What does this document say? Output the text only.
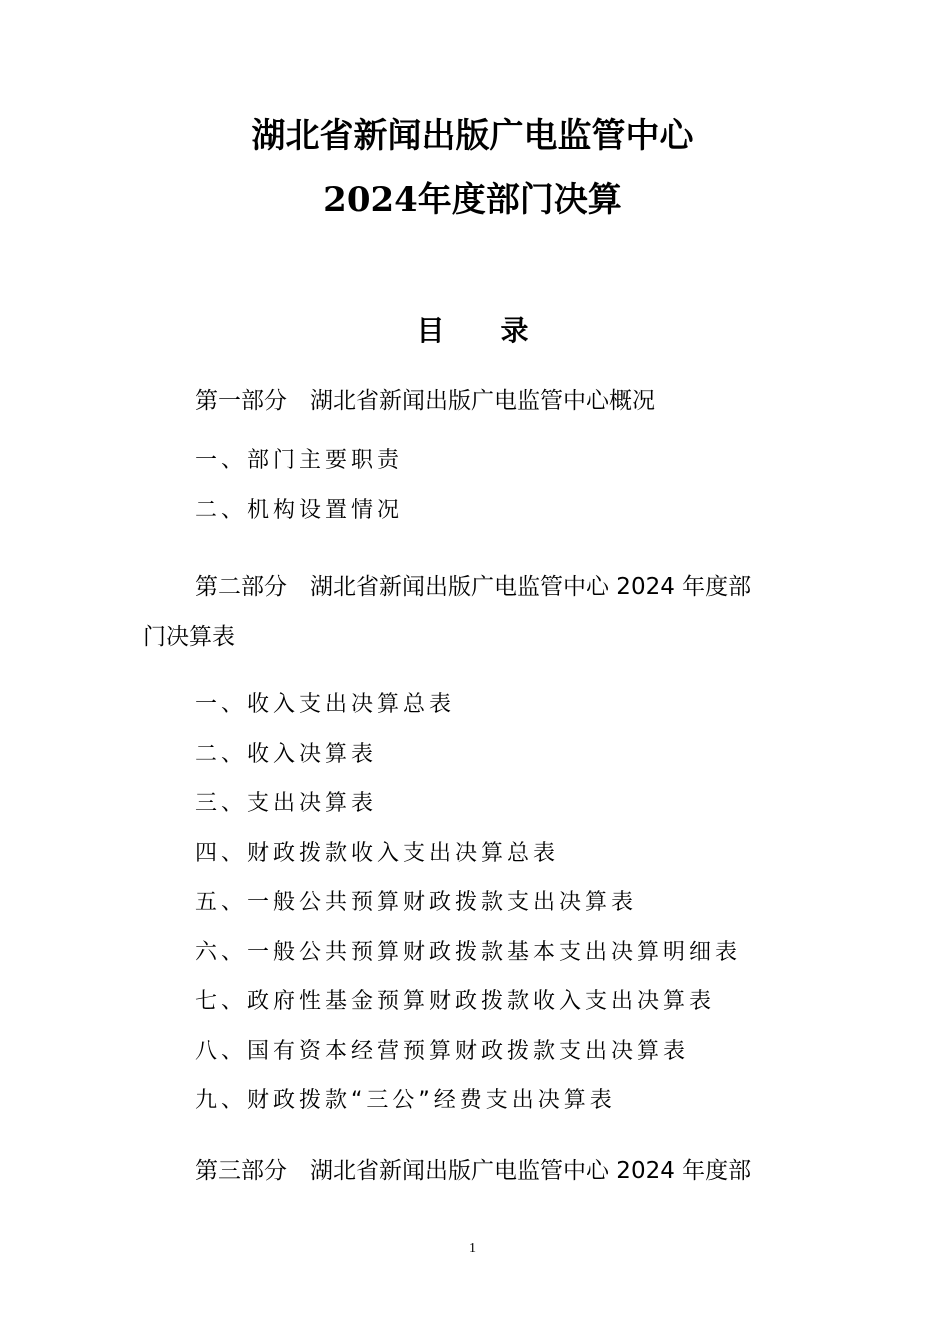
湖北省新闻出版广电监管中心
2024年度部门决算
目　　录
第一部分　湖北省新闻出版广电监管中心概况
一、部门主要职责
二、机构设置情况
第二部分　湖北省新闻出版广电监管中心 2024 年度部
门决算表
一、收入支出决算总表
二、收入决算表
三、支出决算表
四、财政拨款收入支出决算总表
五、一般公共预算财政拨款支出决算表
六、一般公共预算财政拨款基本支出决算明细表
七、政府性基金预算财政拨款收入支出决算表
八、国有资本经营预算财政拨款支出决算表
九、财政拨款“三公”经费支出决算表
第三部分　湖北省新闻出版广电监管中心 2024 年度部
1
